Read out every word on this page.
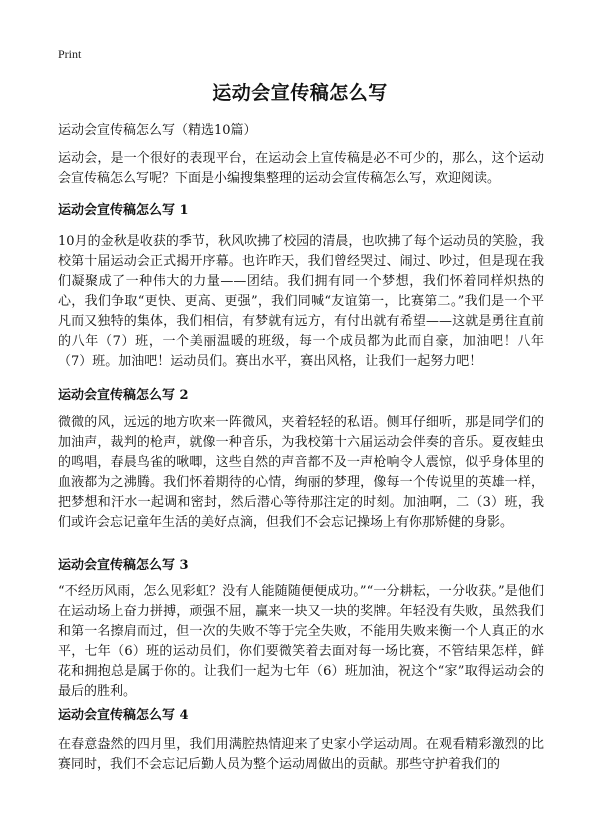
Print
运动会宣传稿怎么写
运动会宣传稿怎么写（精选10篇）

运动会，是一个很好的表现平台，在运动会上宣传稿是必不可少的，那么，这个运动会宣传稿怎么写呢？下面是小编搜集整理的运动会宣传稿怎么写，欢迎阅读。

运动会宣传稿怎么写 1

10月的金秋是收获的季节，秋风吹拂了校园的清晨，也吹拂了每个运动员的笑脸，我校第十届运动会正式揭开序幕。也许昨天，我们曾经哭过、闹过、吵过，但是现在我们凝聚成了一种伟大的力量——团结。我们拥有同一个梦想，我们怀着同样炽热的心，我们争取“更快、更高、更强”，我们同喊“友谊第一，比赛第二。”我们是一个平凡而又独特的集体，我们相信，有梦就有远方，有付出就有希望——这就是勇往直前的八年（7）班，一个美丽温暖的班级，每一个成员都为此而自豪，加油吧！八年（7）班。加油吧！运动员们。赛出水平，赛出风格，让我们一起努力吧！

运动会宣传稿怎么写 2

微微的风，远远的地方吹来一阵微风，夹着轻轻的私语。侧耳仔细听，那是同学们的加油声，裁判的枪声，就像一种音乐，为我校第十六届运动会伴奏的音乐。夏夜蛙虫的鸣唱，春晨鸟雀的啾唧，这些自然的声音都不及一声枪响令人震惊，似乎身体里的血液都为之沸腾。我们怀着期待的心情，绚丽的梦理，像每一个传说里的英雄一样，把梦想和汗水一起调和密封，然后潜心等待那注定的时刻。加油啊，二（3）班，我们或许会忘记童年生活的美好点滴，但我们不会忘记操场上有你那矫健的身影。

运动会宣传稿怎么写 3

“不经历风雨，怎么见彩虹？没有人能随随便便成功。”“一分耕耘，一分收获。”是他们在运动场上奋力拼搏，顽强不屈，赢来一块又一块的奖牌。年轻没有失败，虽然我们和第一名擦肩而过，但一次的失败不等于完全失败，不能用失败来衡一个人真正的水平，七年（6）班的运动员们，你们要微笑着去面对每一场比赛，不管结果怎样，鲜花和拥抱总是属于你的。让我们一起为七年（6）班加油，祝这个“家”取得运动会的最后的胜利。

运动会宣传稿怎么写 4

在春意盎然的四月里，我们用满腔热情迎来了史家小学运动周。在观看精彩激烈的比赛同时，我们不会忘记后勤人员为整个运动周做出的贡献。那些守护着我们的
